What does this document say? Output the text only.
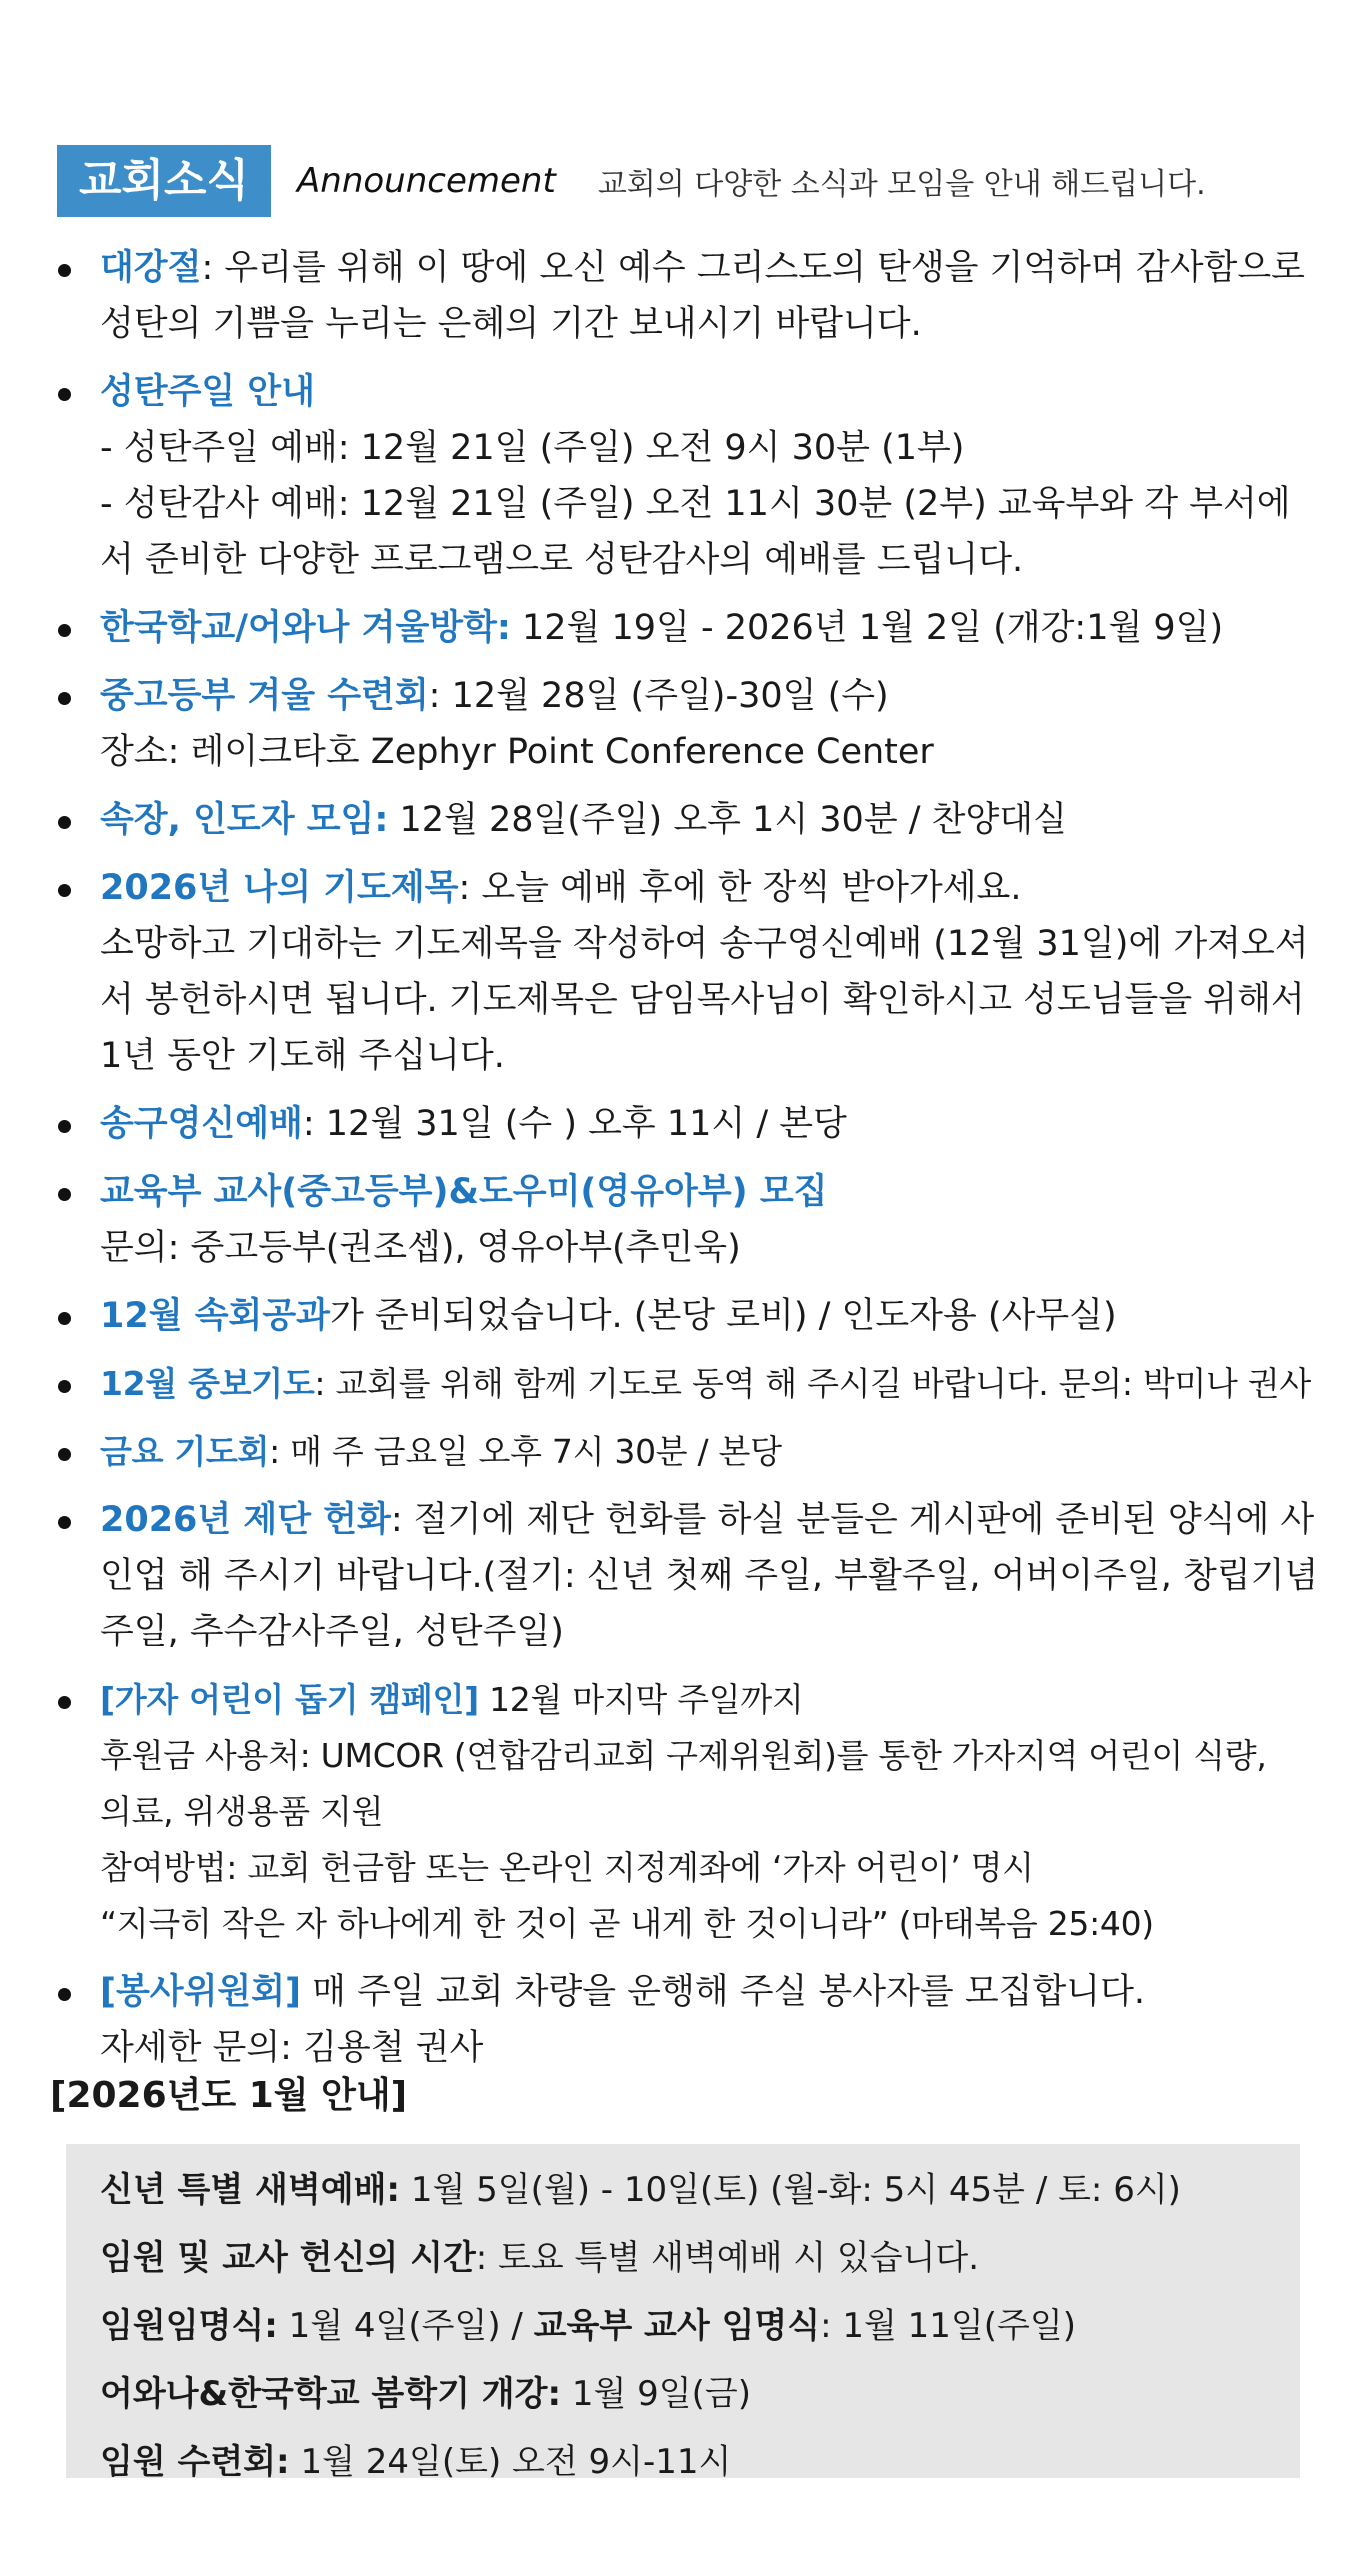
교회소식	Announcement 교회의 다양한 소식과 모임을 안내 해드립니다.
대강절: 우리를 위해 이 땅에 오신 예수 그리스도의 탄생을 기억하며 감사함으로
성탄의 기쁨을 누리는 은혜의 기간 보내시기 바랍니다.
성탄주일 안내
- 성탄주일 예배: 12월 21일 (주일) 오전 9시 30분 (1부)
- 성탄감사 예배: 12월 21일 (주일) 오전 11시 30분 (2부) 교육부와 각 부서에
서 준비한 다양한 프로그램으로 성탄감사의 예배를 드립니다.
한국학교/어와나 겨울방학: 12월 19일 - 2026년 1월 2일 (개강:1월 9일)
중고등부 겨울 수련회: 12월 28일 (주일)-30일 (수)
장소: 레이크타호 Zephyr Point Conference Center
속장, 인도자 모임: 12월 28일(주일) 오후 1시 30분 / 찬양대실
2026년 나의 기도제목: 오늘 예배 후에 한 장씩 받아가세요.
소망하고 기대하는 기도제목을 작성하여 송구영신예배 (12월 31일)에 가져오셔
서 봉헌하시면 됩니다. 기도제목은 담임목사님이 확인하시고 성도님들을 위해서
1년 동안 기도해 주십니다.
송구영신예배: 12월 31일 (수 ) 오후 11시 / 본당
교육부 교사(중고등부)&도우미(영유아부) 모집
문의: 중고등부(권조셉), 영유아부(추민욱)
12월 속회공과가 준비되었습니다. (본당 로비) / 인도자용 (사무실)
12월 중보기도: 교회를 위해 함께 기도로 동역 해 주시길 바랍니다. 문의: 박미나 권사
금요 기도회: 매 주 금요일 오후 7시 30분 / 본당
2026년 제단 헌화: 절기에 제단 헌화를 하실 분들은 게시판에 준비된 양식에 사
인업 해 주시기 바랍니다.(절기: 신년 첫째 주일, 부활주일, 어버이주일, 창립기념
주일, 추수감사주일, 성탄주일)
[가자 어린이 돕기 캠페인] 12월 마지막 주일까지
후원금 사용처: UMCOR (연합감리교회 구제위원회)를 통한 가자지역 어린이 식량,
의료, 위생용품 지원
참여방법: 교회 헌금함 또는 온라인 지정계좌에 ‘가자 어린이’ 명시
“지극히 작은 자 하나에게 한 것이 곧 내게 한 것이니라” (마태복음 25:40)
[봉사위원회] 매 주일 교회 차량을 운행해 주실 봉사자를 모집합니다.
자세한 문의: 김용철 권사
[2026년도 1월 안내]
신년 특별 새벽예배: 1월 5일(월) - 10일(토) (월-화: 5시 45분 / 토: 6시)
임원 및 교사 헌신의 시간: 토요 특별 새벽예배 시 있습니다.
임원임명식: 1월 4일(주일) / 교육부 교사 임명식: 1월 11일(주일)
어와나&한국학교 봄학기 개강: 1월 9일(금)
임원 수련회: 1월 24일(토) 오전 9시-11시
